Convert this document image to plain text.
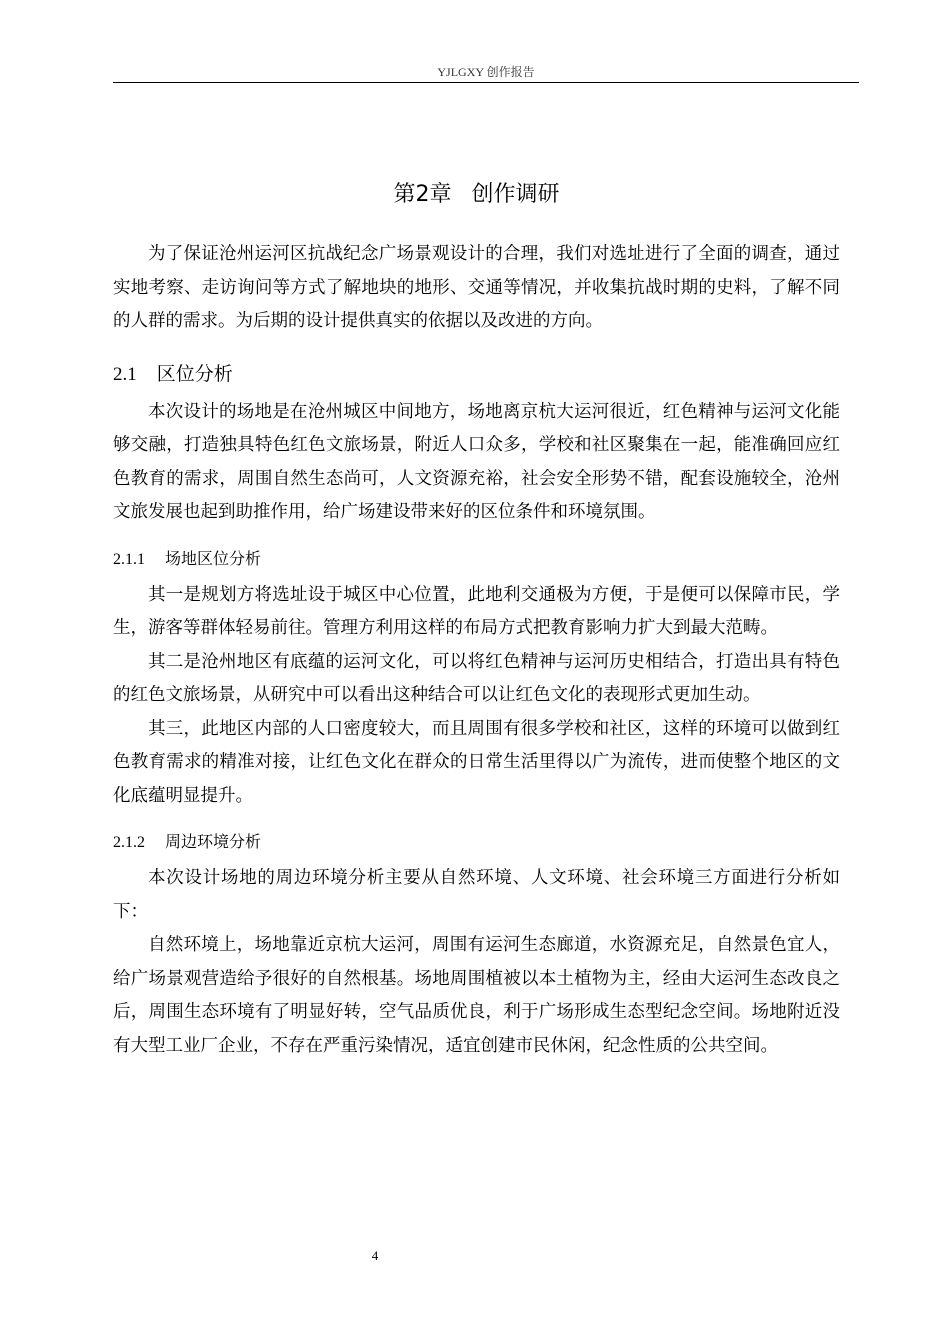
YJLGXY 创作报告
第2章 创作调研

为了保证沧州运河区抗战纪念广场景观设计的合理，我们对选址进行了全面的调查，通过实地考察、走访询问等方式了解地块的地形、交通等情况，并收集抗战时期的史料，了解不同的人群的需求。为后期的设计提供真实的依据以及改进的方向。

2.1 区位分析

本次设计的场地是在沧州城区中间地方，场地离京杭大运河很近，红色精神与运河文化能够交融，打造独具特色红色文旅场景，附近人口众多，学校和社区聚集在一起，能准确回应红色教育的需求，周围自然生态尚可，人文资源充裕，社会安全形势不错，配套设施较全，沧州文旅发展也起到助推作用，给广场建设带来好的区位条件和环境氛围。

2.1.1 场地区位分析

其一是规划方将选址设于城区中心位置，此地利交通极为方便，于是便可以保障市民，学生，游客等群体轻易前往。管理方利用这样的布局方式把教育影响力扩大到最大范畴。

其二是沧州地区有底蕴的运河文化，可以将红色精神与运河历史相结合，打造出具有特色的红色文旅场景，从研究中可以看出这种结合可以让红色文化的表现形式更加生动。

其三，此地区内部的人口密度较大，而且周围有很多学校和社区，这样的环境可以做到红色教育需求的精准对接，让红色文化在群众的日常生活里得以广为流传，进而使整个地区的文化底蕴明显提升。

2.1.2 周边环境分析

本次设计场地的周边环境分析主要从自然环境、人文环境、社会环境三方面进行分析如下：

自然环境上，场地靠近京杭大运河，周围有运河生态廊道，水资源充足，自然景色宜人，给广场景观营造给予很好的自然根基。场地周围植被以本土植物为主，经由大运河生态改良之后，周围生态环境有了明显好转，空气品质优良，利于广场形成生态型纪念空间。场地附近没有大型工业厂企业，不存在严重污染情况，适宜创建市民休闲，纪念性质的公共空间。

4
